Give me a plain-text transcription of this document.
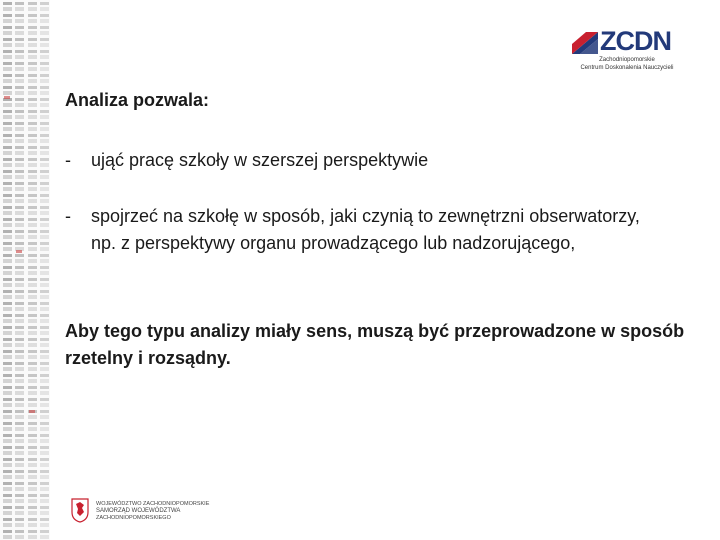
ZCDN
Zachodniopomorskie
Centrum Doskonalenia Nauczycieli
Analiza pozwala:
- ująć pracę szkoły w szerszej perspektywie
- spojrzeć na szkołę w sposób, jaki czynią to zewnętrzni obserwatorzy, np. z perspektywy organu prowadzącego lub nadzorującego,
Aby tego typu analizy miały sens, muszą być przeprowadzone w sposób rzetelny i rozsądny.
WOJEWÓDZTWO ZACHODNIOPOMORSKIE
SAMORZĄD WOJEWÓDZTWA
ZACHODNIOPOMORSKIEGO
